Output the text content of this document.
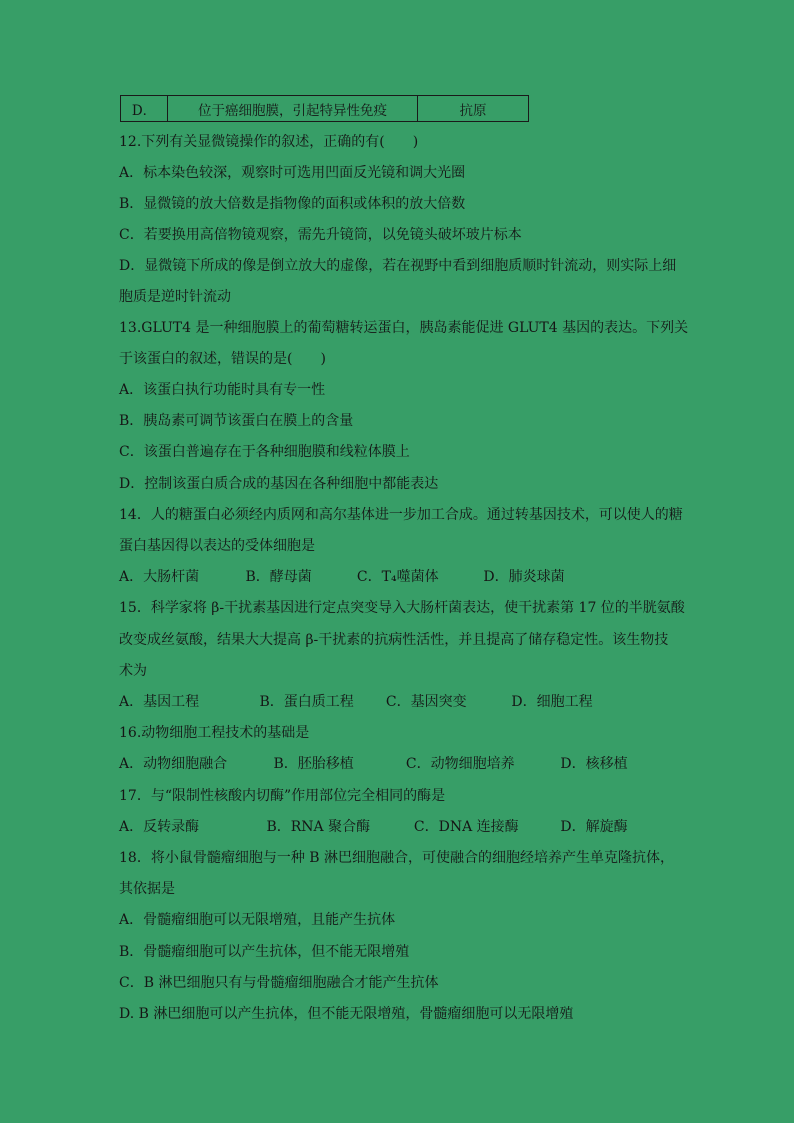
D．	位于癌细胞膜，引起特异性免疫	抗原
12.下列有关显微镜操作的叙述，正确的有(　　)
A．标本染色较深，观察时可选用凹面反光镜和调大光圈
B．显微镜的放大倍数是指物像的面积或体积的放大倍数
C．若要换用高倍物镜观察，需先升镜筒，以免镜头破坏玻片标本
D．显微镜下所成的像是倒立放大的虚像，若在视野中看到细胞质顺时针流动，则实际上细
胞质是逆时针流动
13.GLUT4 是一种细胞膜上的葡萄糖转运蛋白，胰岛素能促进 GLUT4 基因的表达。下列关
于该蛋白的叙述，错误的是(　　)
A．该蛋白执行功能时具有专一性
B．胰岛素可调节该蛋白在膜上的含量
C．该蛋白普遍存在于各种细胞膜和线粒体膜上
D．控制该蛋白质合成的基因在各种细胞中都能表达
14．人的糖蛋白必须经内质网和高尔基体进一步加工合成。通过转基因技术，可以使人的糖
蛋白基因得以表达的受体细胞是
A．大肠杆菌	B．酵母菌	C．T₄噬菌体	D．肺炎球菌
15．科学家将 β-干扰素基因进行定点突变导入大肠杆菌表达，使干扰素第 17 位的半胱氨酸
改变成丝氨酸，结果大大提高 β-干扰素的抗病性活性，并且提高了储存稳定性。该生物技
术为
A．基因工程	B．蛋白质工程 C．基因突变	D．细胞工程
16.动物细胞工程技术的基础是
A．动物细胞融合	B．胚胎移植	C．动物细胞培养	D．核移植
17．与“限制性核酸内切酶”作用部位完全相同的酶是
A．反转录酶	B．RNA 聚合酶	C．DNA 连接酶	D．解旋酶
18．将小鼠骨髓瘤细胞与一种 B 淋巴细胞融合，可使融合的细胞经培养产生单克隆抗体，
其依据是
A．骨髓瘤细胞可以无限增殖，且能产生抗体
B．骨髓瘤细胞可以产生抗体，但不能无限增殖
C．B 淋巴细胞只有与骨髓瘤细胞融合才能产生抗体
D. B 淋巴细胞可以产生抗体，但不能无限增殖，骨髓瘤细胞可以无限增殖
